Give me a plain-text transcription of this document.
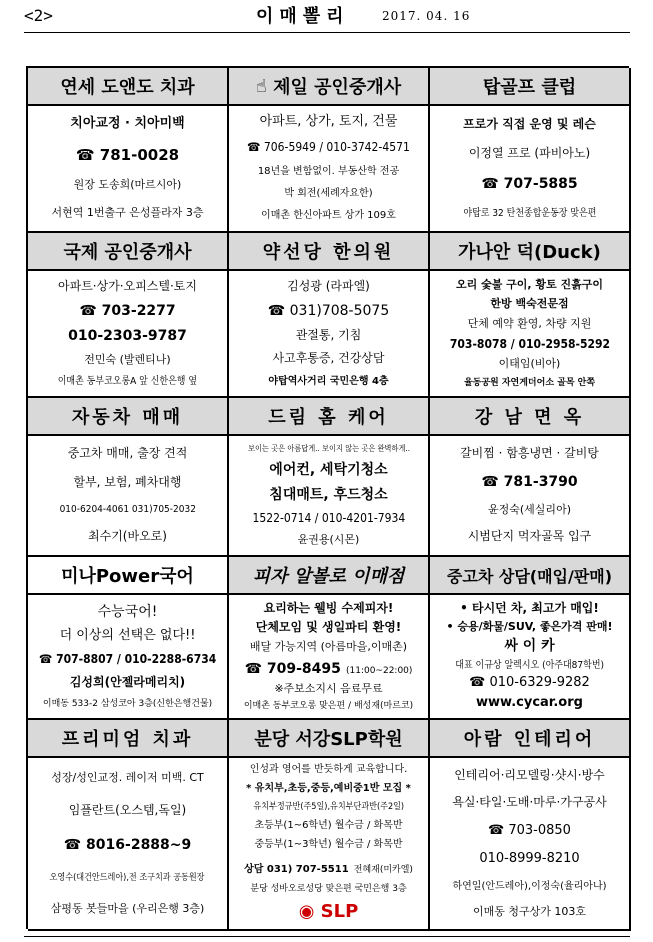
<2>	이매뽈리	2017. 04. 16
연세 도앤도 치과
치아교정 · 치아미백
☎ 781-0028
원장 도송희(마르시아)
서현역 1번출구 은성플라자 3층
☝ 제일 공인중개사
아파트, 상가, 토지, 건물
☎ 706-5949 / 010-3742-4571
18년을 변함없이. 부동산학 전공
박 회전(세례자요한)
이매촌 한신아파트 상가 109호
탑골프 클럽
프로가 직접 운영 및 레슨
이정열 프로 (파비아노)
☎ 707-5885
야탑로 32 탄천종합운동장 맞은편
국제 공인중개사
아파트·상가·오피스텔·토지
☎ 703-2277
010-2303-9787
전민숙 (발렌티나)
이매촌 동부코오롱A 앞 신한은행 옆
약선당 한의원
김성광 (라파엘)
☎ 031)708-5075
관절통, 기침
사고후통증, 건강상담
야탑역사거리 국민은행 4층
가나안 덕(Duck)
오리 숯불 구이, 황토 진흙구이
한방 백숙전문점
단체 예약 환영, 차량 지원
703-8078 / 010-2958-5292
이태임(비아)
율동공원 자연게더어소 골목 안쪽
자동차 매매
중고차 매매, 출장 견적
할부, 보험, 폐차대행
010-6204-4061 031)705-2032
최수기(바오로)
드림 홈 케어
보이는 곳은 아름답게.. 보이지 않는 곳은 완벽하게..
에어컨, 세탁기청소
침대매트, 후드청소
1522-0714 / 010-4201-7934
윤권용(시몬)
강 남 면 옥
갈비찜 · 함흥냉면 · 갈비탕
☎ 781-3790
윤정숙(세실리아)
시범단지 먹자골목 입구
미나Power국어
수능국어!
더 이상의 선택은 없다!!
☎ 707-8807 / 010-2288-6734
김성희(안젤라메리치)
이매동 533-2 삼성코아 3층(신한은행건물)
피자 알볼로 이매점
요리하는 웰빙 수제피자!
단체모임 및 생일파티 환영!
배달 가능지역 (아름마을,이매촌)
☎ 709-8495 (11:00~22:00)
※주보소지시 음료무료
이매촌 동부코오롱 맞은편 / 배성재(마르코)
중고차 상담(매입/판매)
• 타시던 차, 최고가 매입!
• 승용/화물/SUV, 좋은가격 판매!
싸 이 카
대표 이규상 알렉시오 (아주대87학번)
☎ 010-6329-9282
www.cycar.org
프리미엄 치과
성장/성인교정. 레이저 미백. CT
임플란트(오스템,독일)
☎ 8016-2888~9
오영수(대건안드레아),전 조구치과 공동원장
삼평동 봇들마을 (우리은행 3층)
분당 서강SLP학원
인성과 영어를 반듯하게 교육합니다.
* 유치부,초등,중등,예비중1반 모집 *
유치부정규반(주5일),유치부단과반(주2일)
초등부(1~6학년) 월수금 / 화목반
중등부(1~3학년) 월수금 / 화목반
상담 031) 707-5511 전혜재(미카엘)
분당 성바오로성당 맞은편 국민은행 3층
◉ SLP
아람 인테리어
인테리어·리모델링·샷시·방수
욕실·타일·도배·마루·가구공사
☎ 703-0850
010-8999-8210
하연일(안드레아),이정숙(율리아나)
이매동 청구상가 103호
